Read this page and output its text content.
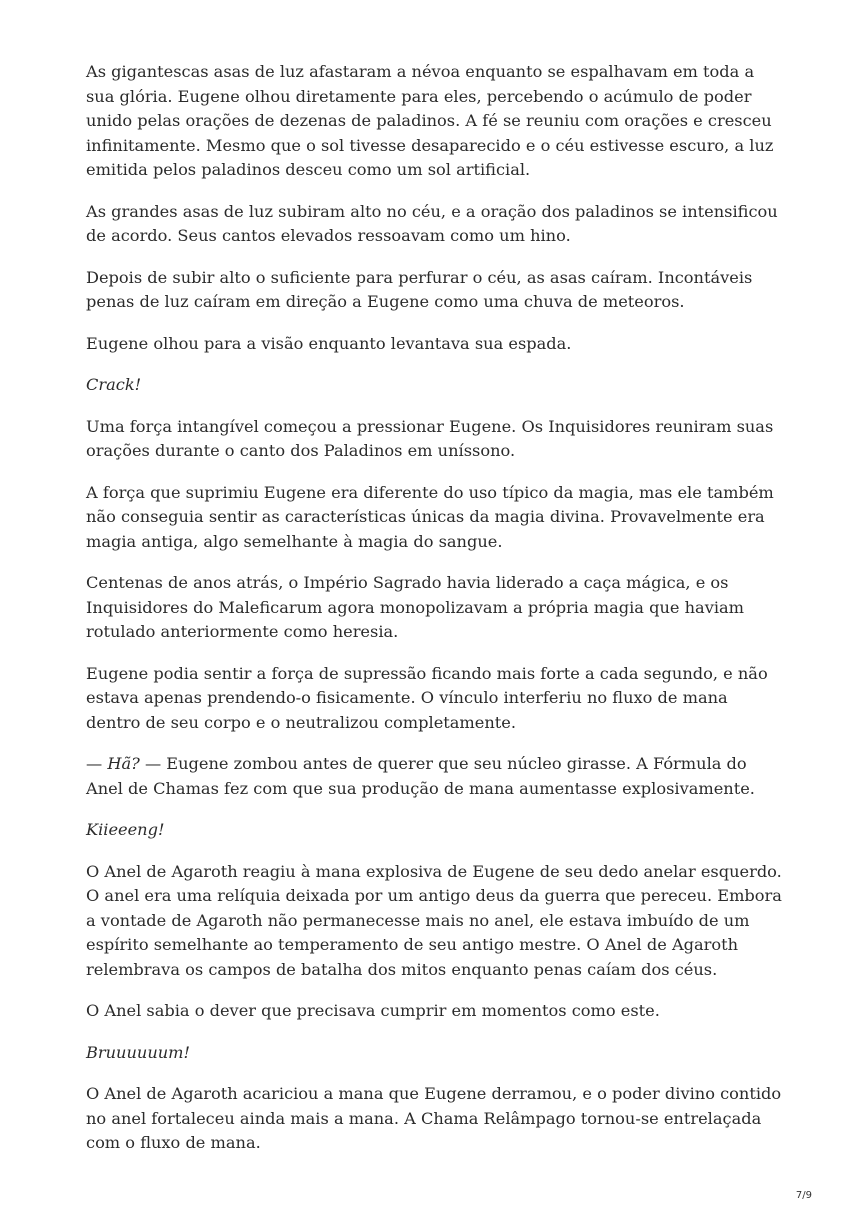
As gigantescas asas de luz afastaram a névoa enquanto se espalhavam em toda a sua glória. Eugene olhou diretamente para eles, percebendo o acúmulo de poder unido pelas orações de dezenas de paladinos. A fé se reuniu com orações e cresceu infinitamente. Mesmo que o sol tivesse desaparecido e o céu estivesse escuro, a luz emitida pelos paladinos desceu como um sol artificial.

As grandes asas de luz subiram alto no céu, e a oração dos paladinos se intensificou de acordo. Seus cantos elevados ressoavam como um hino.

Depois de subir alto o suficiente para perfurar o céu, as asas caíram. Incontáveis penas de luz caíram em direção a Eugene como uma chuva de meteoros.

Eugene olhou para a visão enquanto levantava sua espada.

Crack!

Uma força intangível começou a pressionar Eugene. Os Inquisidores reuniram suas orações durante o canto dos Paladinos em uníssono.

A força que suprimiu Eugene era diferente do uso típico da magia, mas ele também não conseguia sentir as características únicas da magia divina. Provavelmente era magia antiga, algo semelhante à magia do sangue.

Centenas de anos atrás, o Império Sagrado havia liderado a caça mágica, e os Inquisidores do Maleficarum agora monopolizavam a própria magia que haviam rotulado anteriormente como heresia.

Eugene podia sentir a força de supressão ficando mais forte a cada segundo, e não estava apenas prendendo-o fisicamente. O vínculo interferiu no fluxo de mana dentro de seu corpo e o neutralizou completamente.

— Hã? — Eugene zombou antes de querer que seu núcleo girasse. A Fórmula do Anel de Chamas fez com que sua produção de mana aumentasse explosivamente.

Kiieeeng!

O Anel de Agaroth reagiu à mana explosiva de Eugene de seu dedo anelar esquerdo. O anel era uma relíquia deixada por um antigo deus da guerra que pereceu. Embora a vontade de Agaroth não permanecesse mais no anel, ele estava imbuído de um espírito semelhante ao temperamento de seu antigo mestre. O Anel de Agaroth relembrava os campos de batalha dos mitos enquanto penas caíam dos céus.

O Anel sabia o dever que precisava cumprir em momentos como este.

Bruuuuuum!

O Anel de Agaroth acariciou a mana que Eugene derramou, e o poder divino contido no anel fortaleceu ainda mais a mana. A Chama Relâmpago tornou-se entrelaçada com o fluxo de mana.

7/9
